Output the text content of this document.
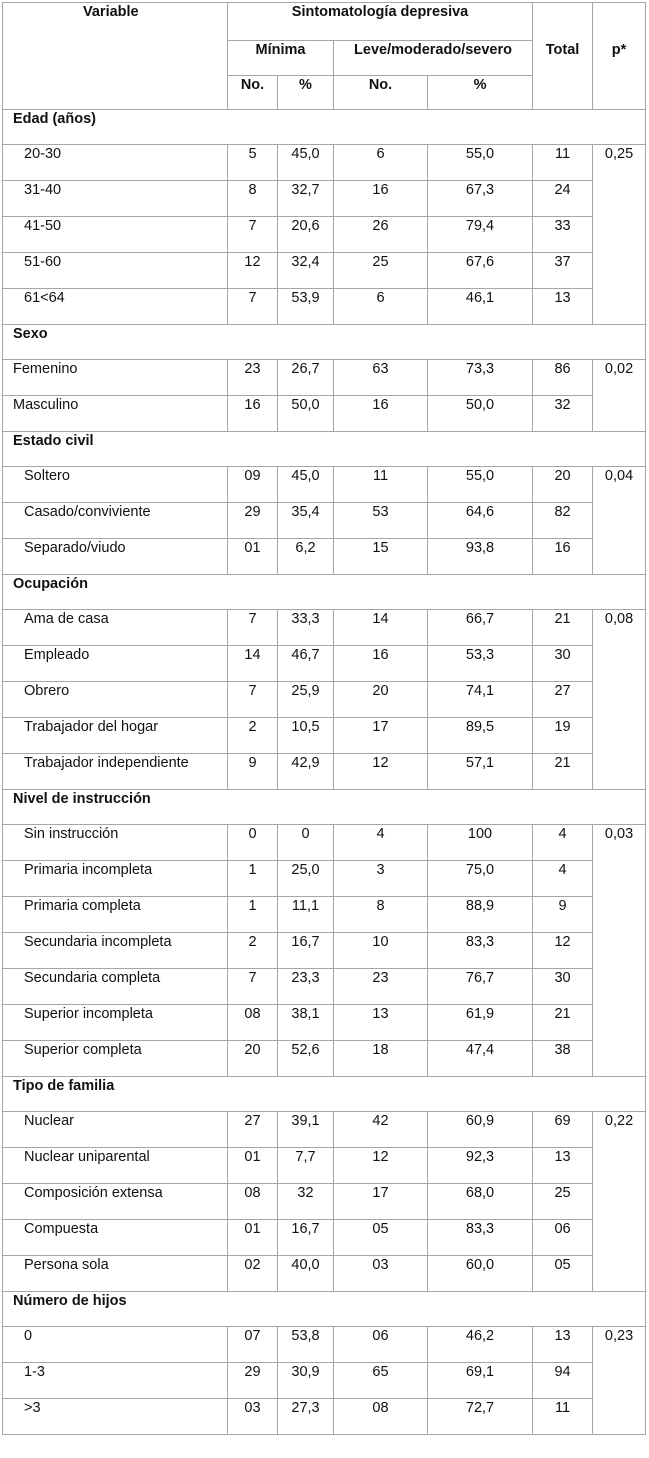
Variable	Sintomatología depresiva				Total	p*
	Mínima		Leve/moderado/severo			
	No.	%	No.	%		
Edad (años)						
20-30	5	45,0	6	55,0	11	0,25
31-40	8	32,7	16	67,3	24	
41-50	7	20,6	26	79,4	33	
51-60	12	32,4	25	67,6	37	
61<64	7	53,9	6	46,1	13	
Sexo						
Femenino	23	26,7	63	73,3	86	0,02
Masculino	16	50,0	16	50,0	32	
Estado civil						
Soltero	09	45,0	11	55,0	20	0,04
Casado/conviviente	29	35,4	53	64,6	82	
Separado/viudo	01	6,2	15	93,8	16	
Ocupación						
Ama de casa	7	33,3	14	66,7	21	0,08
Empleado	14	46,7	16	53,3	30	
Obrero	7	25,9	20	74,1	27	
Trabajador del hogar	2	10,5	17	89,5	19	
Trabajador independiente	9	42,9	12	57,1	21	
Nivel de instrucción						
Sin instrucción	0	0	4	100	4	0,03
Primaria incompleta	1	25,0	3	75,0	4	
Primaria completa	1	11,1	8	88,9	9	
Secundaria incompleta	2	16,7	10	83,3	12	
Secundaria completa	7	23,3	23	76,7	30	
Superior incompleta	08	38,1	13	61,9	21	
Superior completa	20	52,6	18	47,4	38	
Tipo de familia						
Nuclear	27	39,1	42	60,9	69	0,22
Nuclear uniparental	01	7,7	12	92,3	13	
Composición extensa	08	32	17	68,0	25	
Compuesta	01	16,7	05	83,3	06	
Persona sola	02	40,0	03	60,0	05	
Número de hijos						
0	07	53,8	06	46,2	13	0,23
1-3	29	30,9	65	69,1	94	
>3	03	27,3	08	72,7	11	
